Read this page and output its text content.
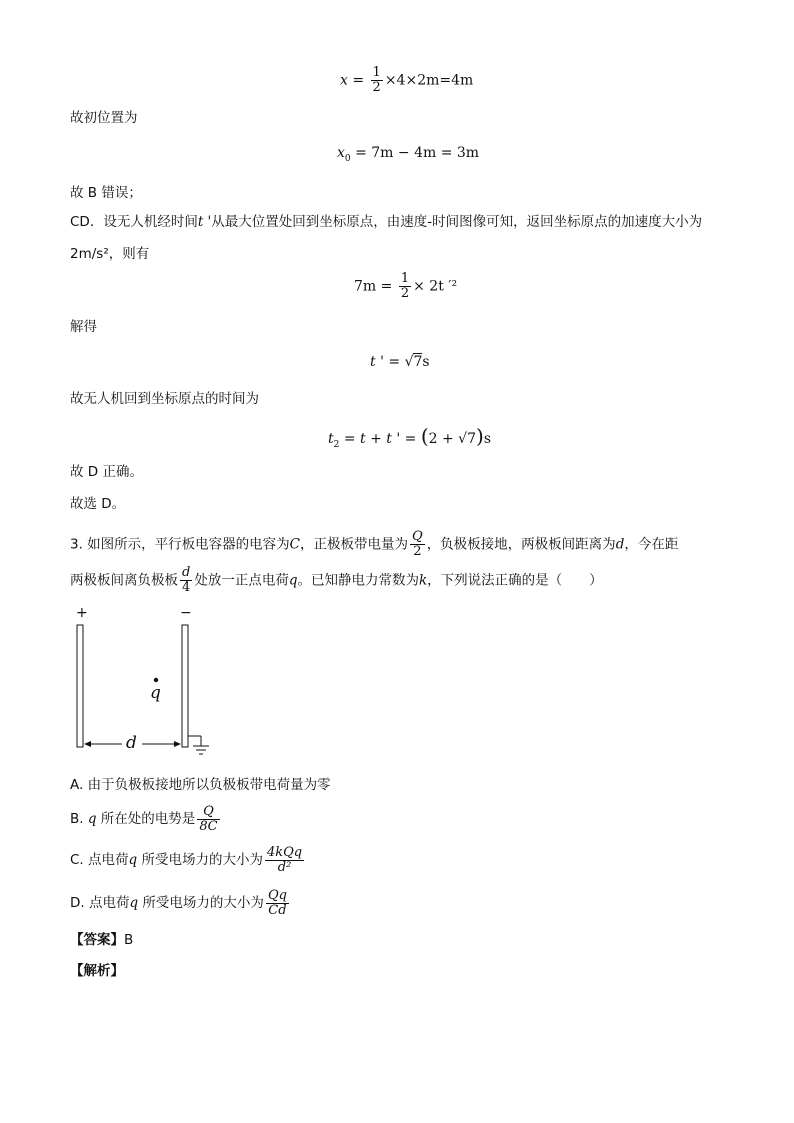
$x = \frac{1}{2} \times 4\times 2m=4m$
故初位置为
$x_0 = 7m - 4m = 3m$
故 B 错误；
CD．设无人机经时间t '从最大位置处回到坐标原点，由速度-时间图像可知，返回坐标原点的加速度大小为
2m/s²，则有
$7m = \frac{1}{2} \times 2t$ ′²
解得
t ' = √7s
故无人机回到坐标原点的时间为
$t_2 = t + t$ ' = (2 + √7)s
故 D 正确。
故选 D。
3. 如图所示，平行板电容器的电容为C，正极板带电量为 $\frac{Q}{2}$ ，负极板接地，两极板间距离为d，今在距
两极板间离负极板 $\frac{d}{4}$ 处放一正点电荷q。已知静电力常数为k，下列说法正确的是（　　）
+	−
q
d
A. 由于负极板接地所以负极板带电荷量为零
B. q 所在处的电势是 $\frac{Q}{8C}$
C. 点电荷q 所受电场力的大小为 $\frac{\text{4kQq}}{\text{d²}}$
D. 点电荷q 所受电场力的大小为 $\frac{Qq}{Cd}$
【答案】B
【解析】
